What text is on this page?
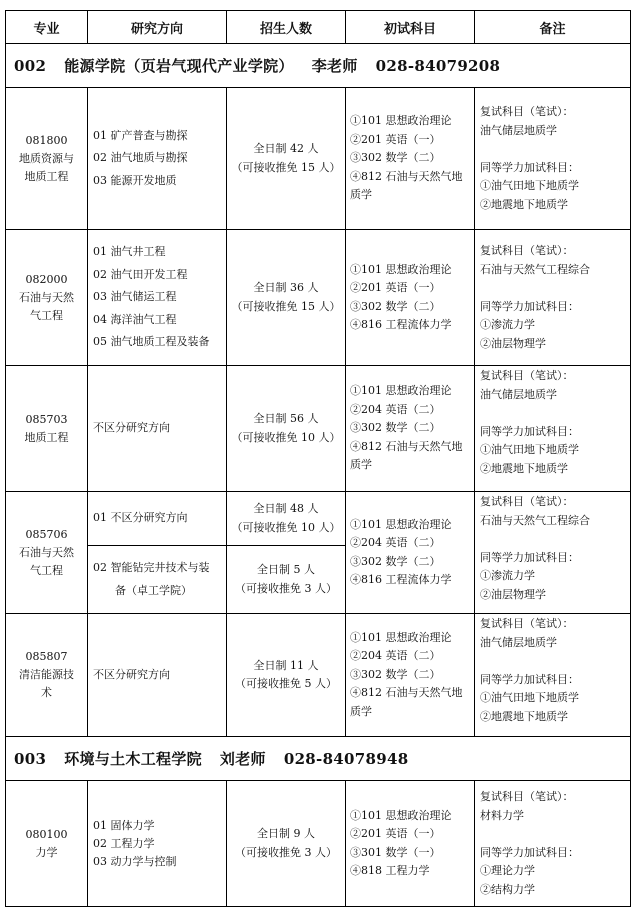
专业	研究方向	招生人数	初试科目	备注
002 能源学院（页岩气现代产业学院） 李老师 028-84079208				

081800
地质资源与
地质工程	01 矿产普查与勘探
02 油气地质与勘探
03 能源开发地质	全日制 42 人
（可接收推免 15 人）	①101 思想政治理论
②201 英语（一）
③302 数学（二）
④812 石油与天然气地
质学	复试科目（笔试）：
油气储层地质学
同等学力加试科目：
①油气田地下地质学
②地震地下地质学

082000
石油与天然
气工程	01 油气井工程
02 油气田开发工程
03 油气储运工程
04 海洋油气工程
05 油气地质工程及装备	全日制 36 人
（可接收推免 15 人）	①101 思想政治理论
②201 英语（一）
③302 数学（二）
④816 工程流体力学	复试科目（笔试）：
石油与天然气工程综合
同等学力加试科目：
①渗流力学
②油层物理学

085703
地质工程	不区分研究方向	全日制 56 人
（可接收推免 10 人）	①101 思想政治理论
②204 英语（二）
③302 数学（二）
④812 石油与天然气地
质学	复试科目（笔试）：
油气储层地质学
同等学力加试科目：
①油气田地下地质学
②地震地下地质学

085706
石油与天然
气工程	01 不区分研究方向	全日制 48 人
（可接收推免 10 人）	①101 思想政治理论
②204 英语（二）
③302 数学（二）
④816 工程流体力学	复试科目（笔试）：
石油与天然气工程综合
同等学力加试科目：
①渗流力学
②油层物理学

	02 智能钻完井技术与装
备（卓工学院）	全日制 5 人
（可接收推免 3 人）		

085807
清洁能源技
术	不区分研究方向	全日制 11 人
（可接收推免 5 人）	①101 思想政治理论
②204 英语（二）
③302 数学（二）
④812 石油与天然气地
质学	复试科目（笔试）：
油气储层地质学
同等学力加试科目：
①油气田地下地质学
②地震地下地质学

003 环境与土木工程学院 刘老师 028-84078948				

080100
力学	01 固体力学
02 工程力学
03 动力学与控制	全日制 9 人
（可接收推免 3 人）	①101 思想政治理论
②201 英语（一）
③301 数学（一）
④818 工程力学	复试科目（笔试）：
材料力学
同等学力加试科目：
①理论力学
②结构力学
